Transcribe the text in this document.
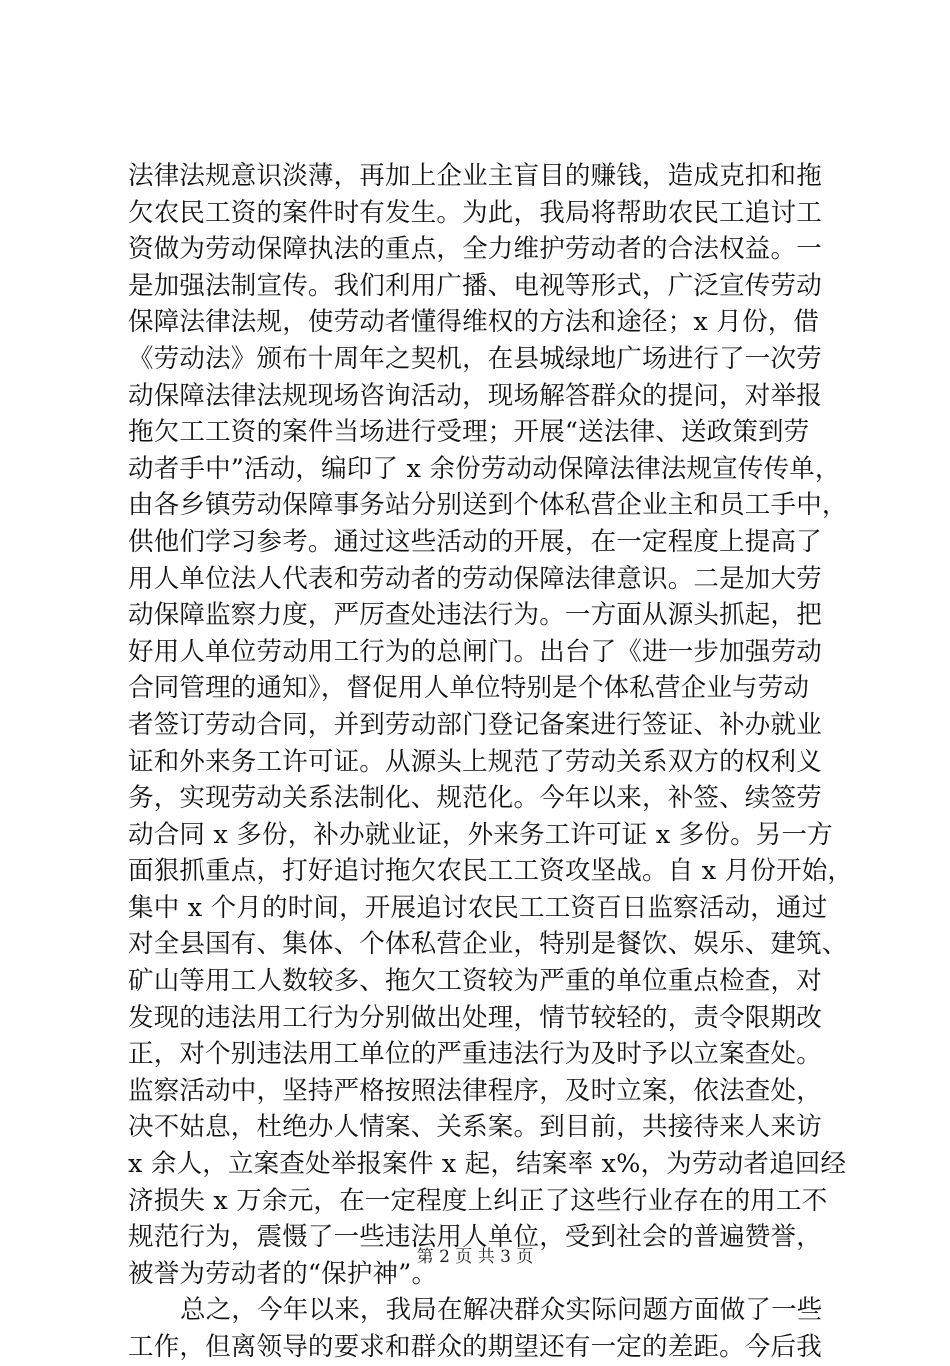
法律法规意识淡薄，再加上企业主盲目的赚钱，造成克扣和拖
欠农民工资的案件时有发生。为此，我局将帮助农民工追讨工
资做为劳动保障执法的重点，全力维护劳动者的合法权益。一
是加强法制宣传。我们利用广播、电视等形式，广泛宣传劳动
保障法律法规，使劳动者懂得维权的方法和途径；x 月份，借
《劳动法》颁布十周年之契机，在县城绿地广场进行了一次劳
动保障法律法规现场咨询活动，现场解答群众的提问，对举报
拖欠工工资的案件当场进行受理；开展“送法律、送政策到劳
动者手中”活动，编印了 x 余份劳动动保障法律法规宣传传单，
由各乡镇劳动保障事务站分别送到个体私营企业主和员工手中，
供他们学习参考。通过这些活动的开展，在一定程度上提高了
用人单位法人代表和劳动者的劳动保障法律意识。二是加大劳
动保障监察力度，严厉查处违法行为。一方面从源头抓起，把
好用人单位劳动用工行为的总闸门。出台了《进一步加强劳动
合同管理的通知》，督促用人单位特别是个体私营企业与劳动
者签订劳动合同，并到劳动部门登记备案进行签证、补办就业
证和外来务工许可证。从源头上规范了劳动关系双方的权利义
务，实现劳动关系法制化、规范化。今年以来，补签、续签劳
动合同 x 多份，补办就业证，外来务工许可证 x 多份。另一方
面狠抓重点，打好追讨拖欠农民工工资攻坚战。自 x 月份开始，
集中 x 个月的时间，开展追讨农民工工资百日监察活动，通过
对全县国有、集体、个体私营企业，特别是餐饮、娱乐、建筑、
矿山等用工人数较多、拖欠工资较为严重的单位重点检查，对
发现的违法用工行为分别做出处理，情节较轻的，责令限期改
正，对个别违法用工单位的严重违法行为及时予以立案查处。
监察活动中，坚持严格按照法律程序，及时立案，依法查处，
决不姑息，杜绝办人情案、关系案。到目前，共接待来人来访
x 余人，立案查处举报案件 x 起，结案率 x%，为劳动者追回经
济损失 x 万余元，在一定程度上纠正了这些行业存在的用工不
规范行为，震慑了一些违法用人单位，受到社会的普遍赞誉，
被誉为劳动者的“保护神”。
总之，今年以来，我局在解决群众实际问题方面做了一些
工作，但离领导的要求和群众的期望还有一定的差距。今后我
第 2 页 共 3 页
